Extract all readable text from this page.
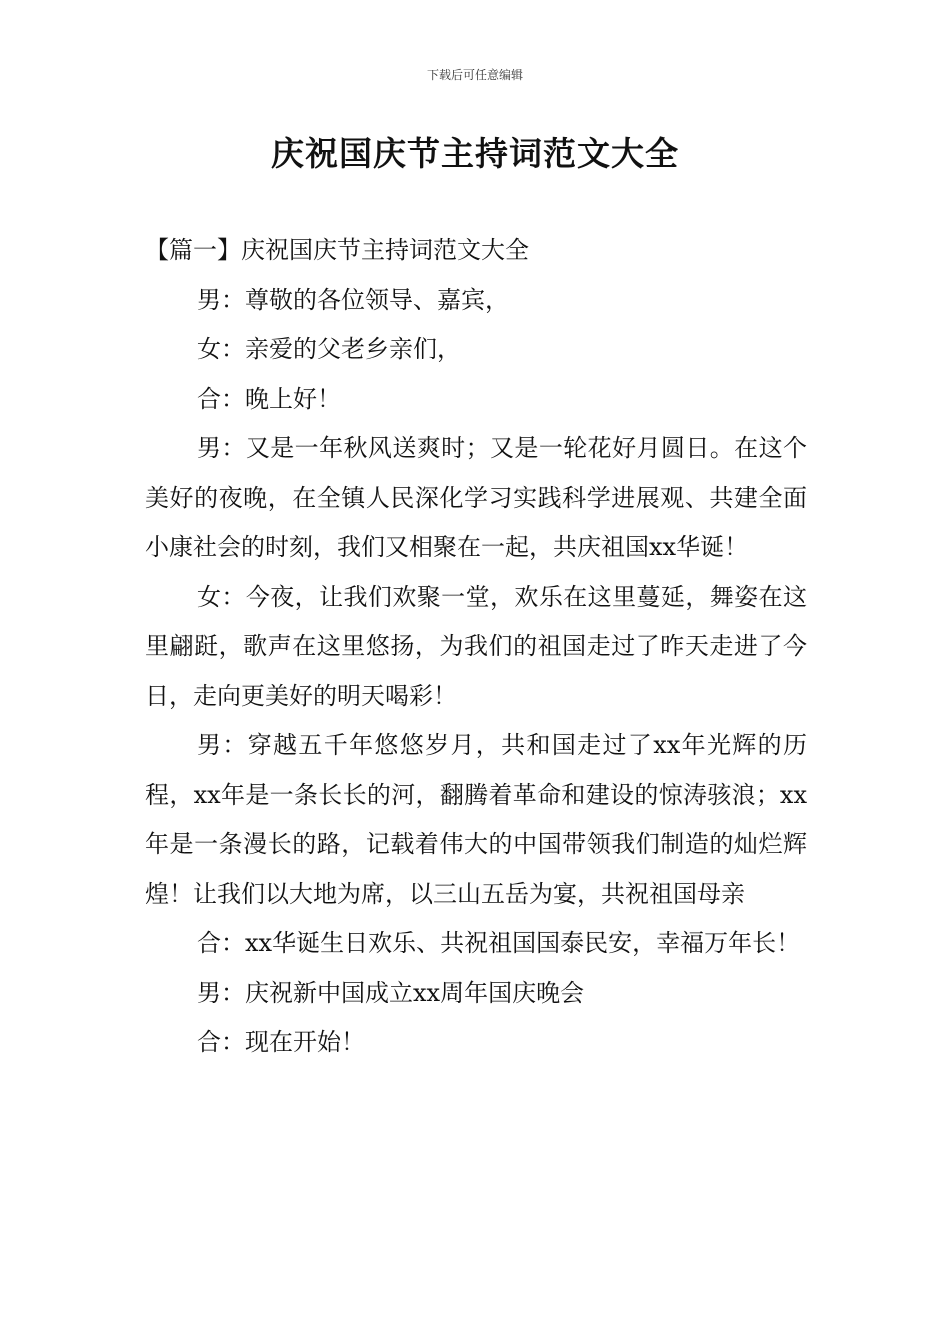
下载后可任意编辑
庆祝国庆节主持词范文大全

【篇一】庆祝国庆节主持词范文大全

男：尊敬的各位领导、嘉宾，

女：亲爱的父老乡亲们，

合：晚上好！

男：又是一年秋风送爽时；又是一轮花好月圆日。在这个美好的夜晚，在全镇人民深化学习实践科学进展观、共建全面小康社会的时刻，我们又相聚在一起，共庆祖国xx华诞！

女：今夜，让我们欢聚一堂，欢乐在这里蔓延，舞姿在这里翩跹，歌声在这里悠扬，为我们的祖国走过了昨天走进了今日，走向更美好的明天喝彩！

男：穿越五千年悠悠岁月，共和国走过了xx年光辉的历程，xx年是一条长长的河，翻腾着革命和建设的惊涛骇浪；xx年是一条漫长的路，记载着伟大的中国带领我们制造的灿烂辉煌！让我们以大地为席，以三山五岳为宴，共祝祖国母亲

合：xx华诞生日欢乐、共祝祖国国泰民安，幸福万年长！

男：庆祝新中国成立xx周年国庆晚会

合：现在开始！
